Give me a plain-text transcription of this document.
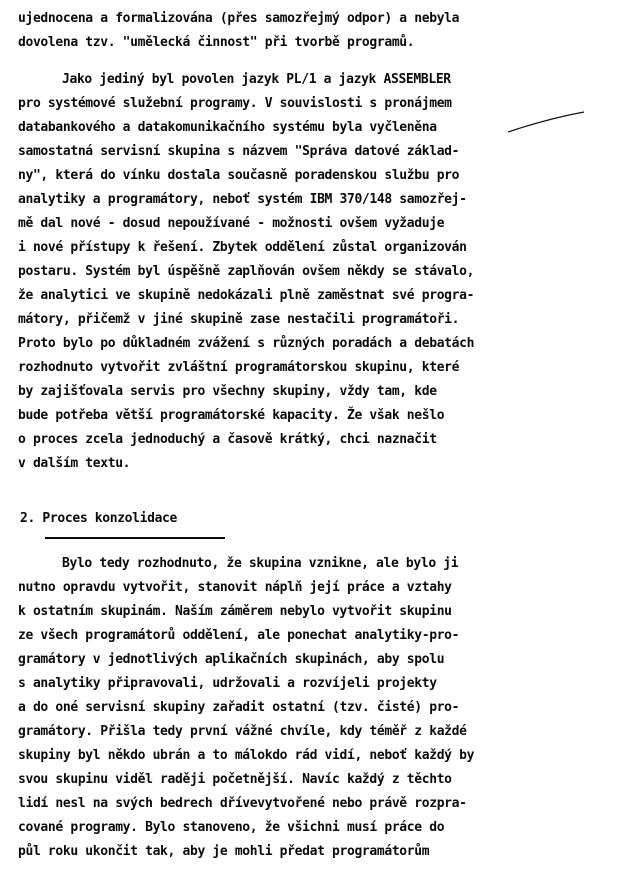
ujednocena a formalizována (přes samozřejmý odpor) a nebyla
dovolena tzv. "umělecká činnost" při tvorbě programů.
Jako jediný byl povolen jazyk PL/1 a jazyk ASSEMBLER
pro systémové služební programy. V souvislosti s pronájmem
databankového a datakomunikačního systému byla vyčleněna
samostatná servisní skupina s názvem "Správa datové základ-
ny", která do vínku dostala současně poradenskou službu pro
analytiky a programátory, neboť systém IBM 370/148 samozřej-
mě dal nové - dosud nepoužívané - možnosti ovšem vyžaduje
i nové přístupy k řešení. Zbytek oddělení zůstal organizován
postaru. Systém byl úspěšně zaplňován ovšem někdy se stávalo,
že analytici ve skupině nedokázali plně zaměstnat své progra-
mátory, přičemž v jiné skupině zase nestačili programátoři.
Proto bylo po důkladném zvážení s různých poradách a debatách
rozhodnuto vytvořit zvláštní programátorskou skupinu, které
by zajišťovala servis pro všechny skupiny, vždy tam, kde
bude potřeba větší programátorské kapacity. Že však nešlo
o proces zcela jednoduchý a časově krátký, chci naznačit
v dalším textu.
2. Proces konzolidace
Bylo tedy rozhodnuto, že skupina vznikne, ale bylo ji
nutno opravdu vytvořit, stanovit náplň její práce a vztahy
k ostatním skupinám. Naším záměrem nebylo vytvořit skupinu
ze všech programátorů oddělení, ale ponechat analytiky-pro-
gramátory v jednotlivých aplikačních skupinách, aby spolu
s analytiky připravovali, udržovali a rozvíjeli projekty
a do oné servisní skupiny zařadit ostatní (tzv. čisté) pro-
gramátory. Přišla tedy první vážné chvíle, kdy téměř z každé
skupiny byl někdo ubrán a to málokdo rád vidí, neboť každý by
svou skupinu viděl raději početnější. Navíc každý z těchto
lidí nesl na svých bedrech dřívevytvořené nebo právě rozpra-
cované programy. Bylo stanoveno, že všichni musí práce do
půl roku ukončit tak, aby je mohli předat programátorům
